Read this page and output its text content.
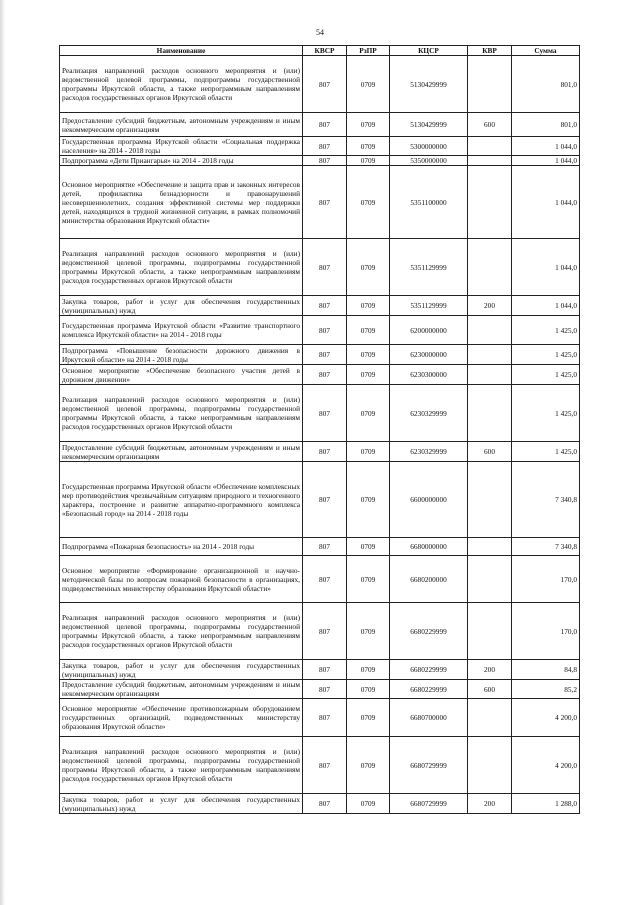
54
Наименование	КВСР	РзПР	КЦСР	КВР	Сумма
Реализация направлений расходов основного мероприятия и (или) ведомственной целевой программы, подпрограммы государственной программы Иркутской области, а также непрограммным направлениям расходов государственных органов Иркутской области	807	0709	5130429999		801,0
Предоставление субсидий бюджетным, автономным учреждениям и иным некоммерческим организациям	807	0709	5130429999	600	801,0
Государственная программа Иркутской области «Социальная поддержка населения» на 2014 - 2018 годы	807	0709	5300000000		1 044,0
Подпрограмма «Дети Приангарья» на 2014 - 2018 годы	807	0709	5350000000		1 044,0
Основное мероприятие «Обеспечение и защита прав и законных интересов детей, профилактика безнадзорности и правонарушений несовершеннолетних, создания эффективной системы мер поддержки детей, находящихся в трудной жизненной ситуации, в рамках полномочий министерства образования Иркутской области»	807	0709	5351100000		1 044,0
Реализация направлений расходов основного мероприятия и (или) ведомственной целевой программы, подпрограммы государственной программы Иркутской области, а также непрограммным направлениям расходов государственных органов Иркутской области	807	0709	5351129999		1 044,0
Закупка товаров, работ и услуг для обеспечения государственных (муниципальных) нужд	807	0709	5351129999	200	1 044,0
Государственная программа Иркутской области «Развитие транспортного комплекса Иркутской области» на 2014 - 2018 годы	807	0709	6200000000		1 425,0
Подпрограмма «Повышение безопасности дорожного движения в Иркутской области» на 2014 - 2018 годы	807	0709	6230000000		1 425,0
Основное мероприятие «Обеспечение безопасного участия детей в дорожном движении»	807	0709	6230300000		1 425,0
Реализация направлений расходов основного мероприятия и (или) ведомственной целевой программы, подпрограммы государственной программы Иркутской области, а также непрограммным направлениям расходов государственных органов Иркутской области	807	0709	6230329999		1 425,0
Предоставление субсидий бюджетным, автономным учреждениям и иным некоммерческим организациям	807	0709	6230329999	600	1 425,0
Государственная программа Иркутской области «Обеспечение комплексных мер противодействия чрезвычайным ситуациям природного и техногенного характера, построение и развитие аппаратно-программного комплекса «Безопасный город» на 2014 - 2018 годы	807	0709	6600000000		7 340,8
Подпрограмма «Пожарная безопасность» на 2014 - 2018 годы	807	0709	6680000000		7 340,8
Основное мероприятие «Формирование организационной и научно-методической базы по вопросам пожарной безопасности в организациях, подведомственных министерству образования Иркутской области»	807	0709	6680200000		170,0
Реализация направлений расходов основного мероприятия и (или) ведомственной целевой программы, подпрограммы государственной программы Иркутской области, а также непрограммным направлениям расходов государственных органов Иркутской области	807	0709	6680229999		170,0
Закупка товаров, работ и услуг для обеспечения государственных (муниципальных) нужд	807	0709	6680229999	200	84,8
Предоставление субсидий бюджетным, автономным учреждениям и иным некоммерческим организациям	807	0709	6680229999	600	85,2
Основное мероприятие «Обеспечение противопожарным оборудованием государственных организаций, подведомственных министерству образования Иркутской области»	807	0709	6680700000		4 200,0
Реализация направлений расходов основного мероприятия и (или) ведомственной целевой программы, подпрограммы государственной программы Иркутской области, а также непрограммным направлениям расходов государственных органов Иркутской области	807	0709	6680729999		4 200,0
Закупка товаров, работ и услуг для обеспечения государственных (муниципальных) нужд	807	0709	6680729999	200	1 288,0
